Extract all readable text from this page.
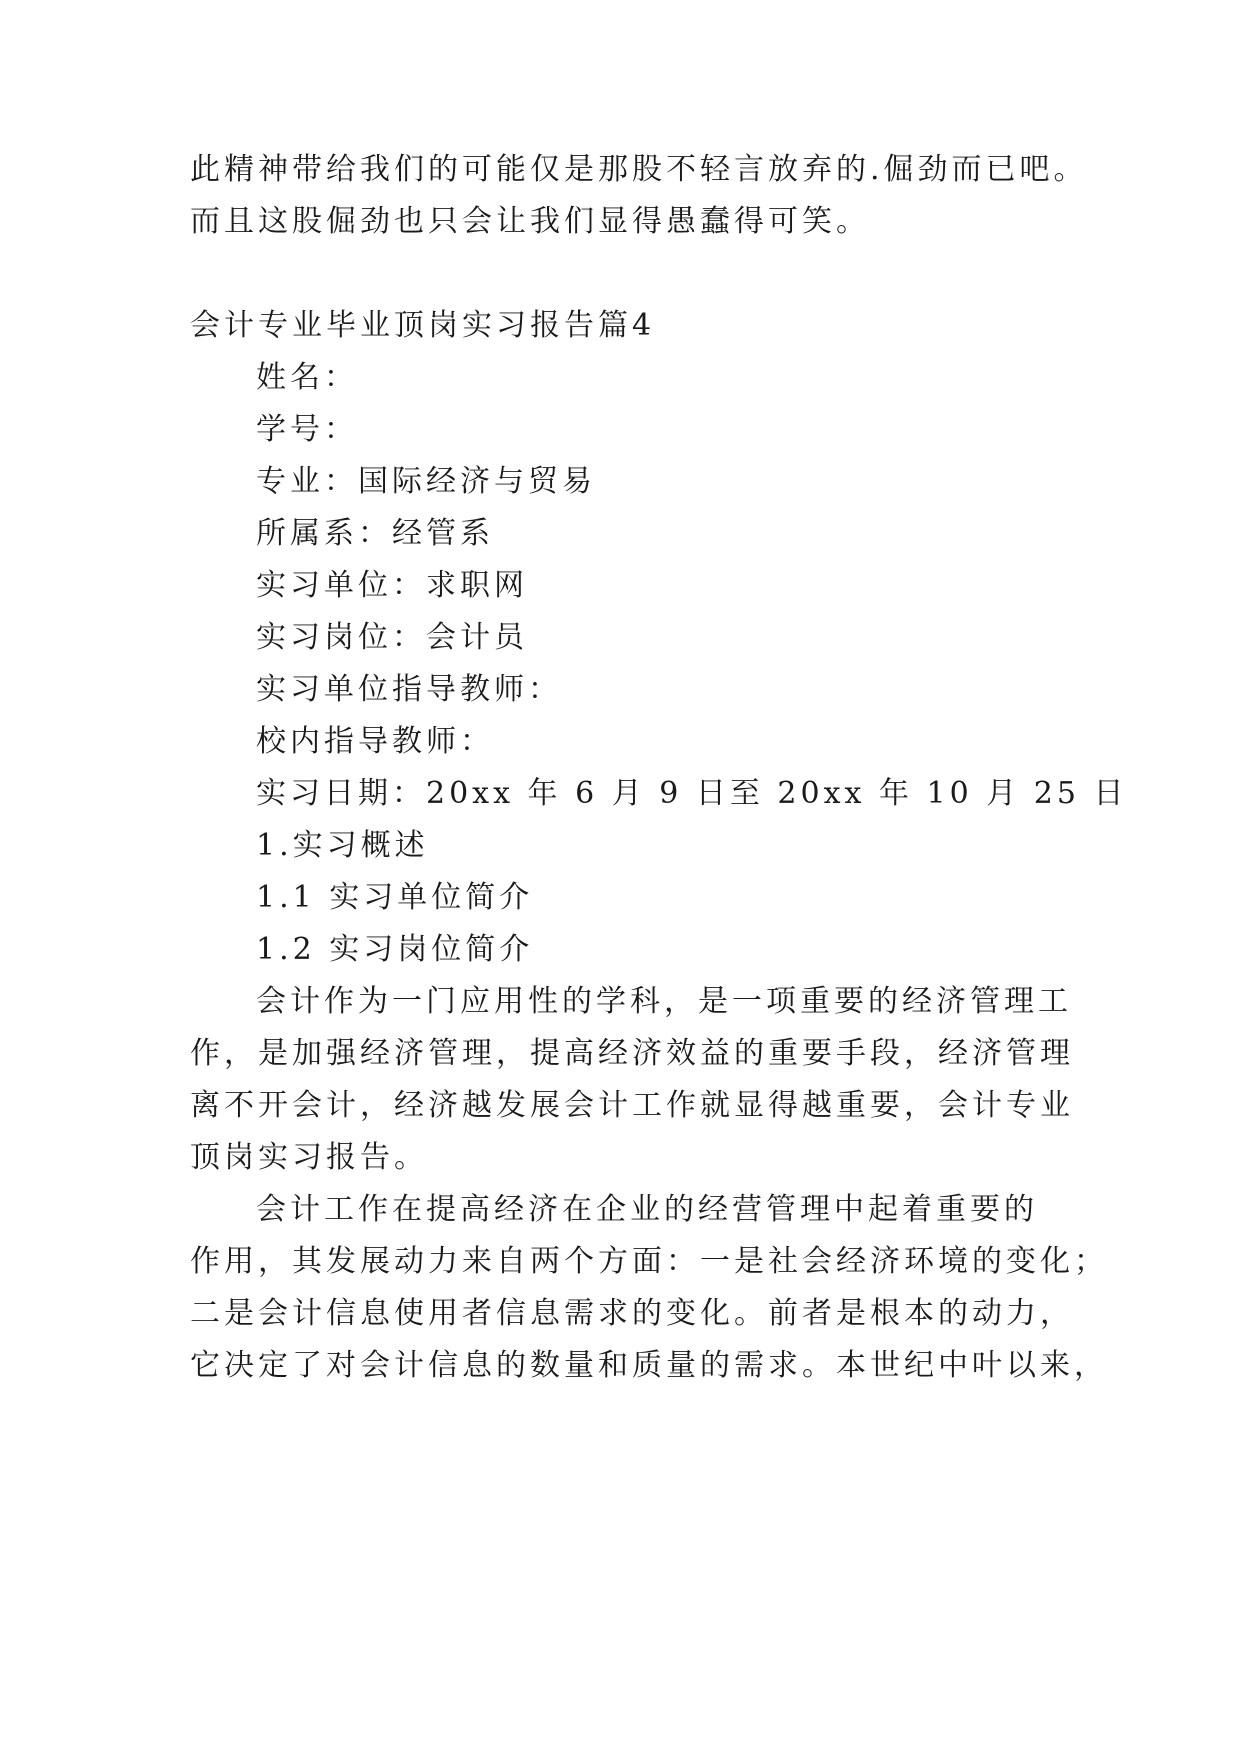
此精神带给我们的可能仅是那股不轻言放弃的.倔劲而已吧。
而且这股倔劲也只会让我们显得愚蠢得可笑。
会计专业毕业顶岗实习报告篇4
姓名：
学号：
专业：国际经济与贸易
所属系：经管系
实习单位：求职网
实习岗位：会计员
实习单位指导教师：
校内指导教师：
实习日期：20xx 年 6 月 9 日至 20xx 年 10 月 25 日
1.实习概述
1.1 实习单位简介
1.2 实习岗位简介
会计作为一门应用性的学科，是一项重要的经济管理工
作，是加强经济管理，提高经济效益的重要手段，经济管理
离不开会计，经济越发展会计工作就显得越重要，会计专业
顶岗实习报告。
会计工作在提高经济在企业的经营管理中起着重要的
作用，其发展动力来自两个方面：一是社会经济环境的变化；
二是会计信息使用者信息需求的变化。前者是根本的动力，
它决定了对会计信息的数量和质量的需求。本世纪中叶以来，
